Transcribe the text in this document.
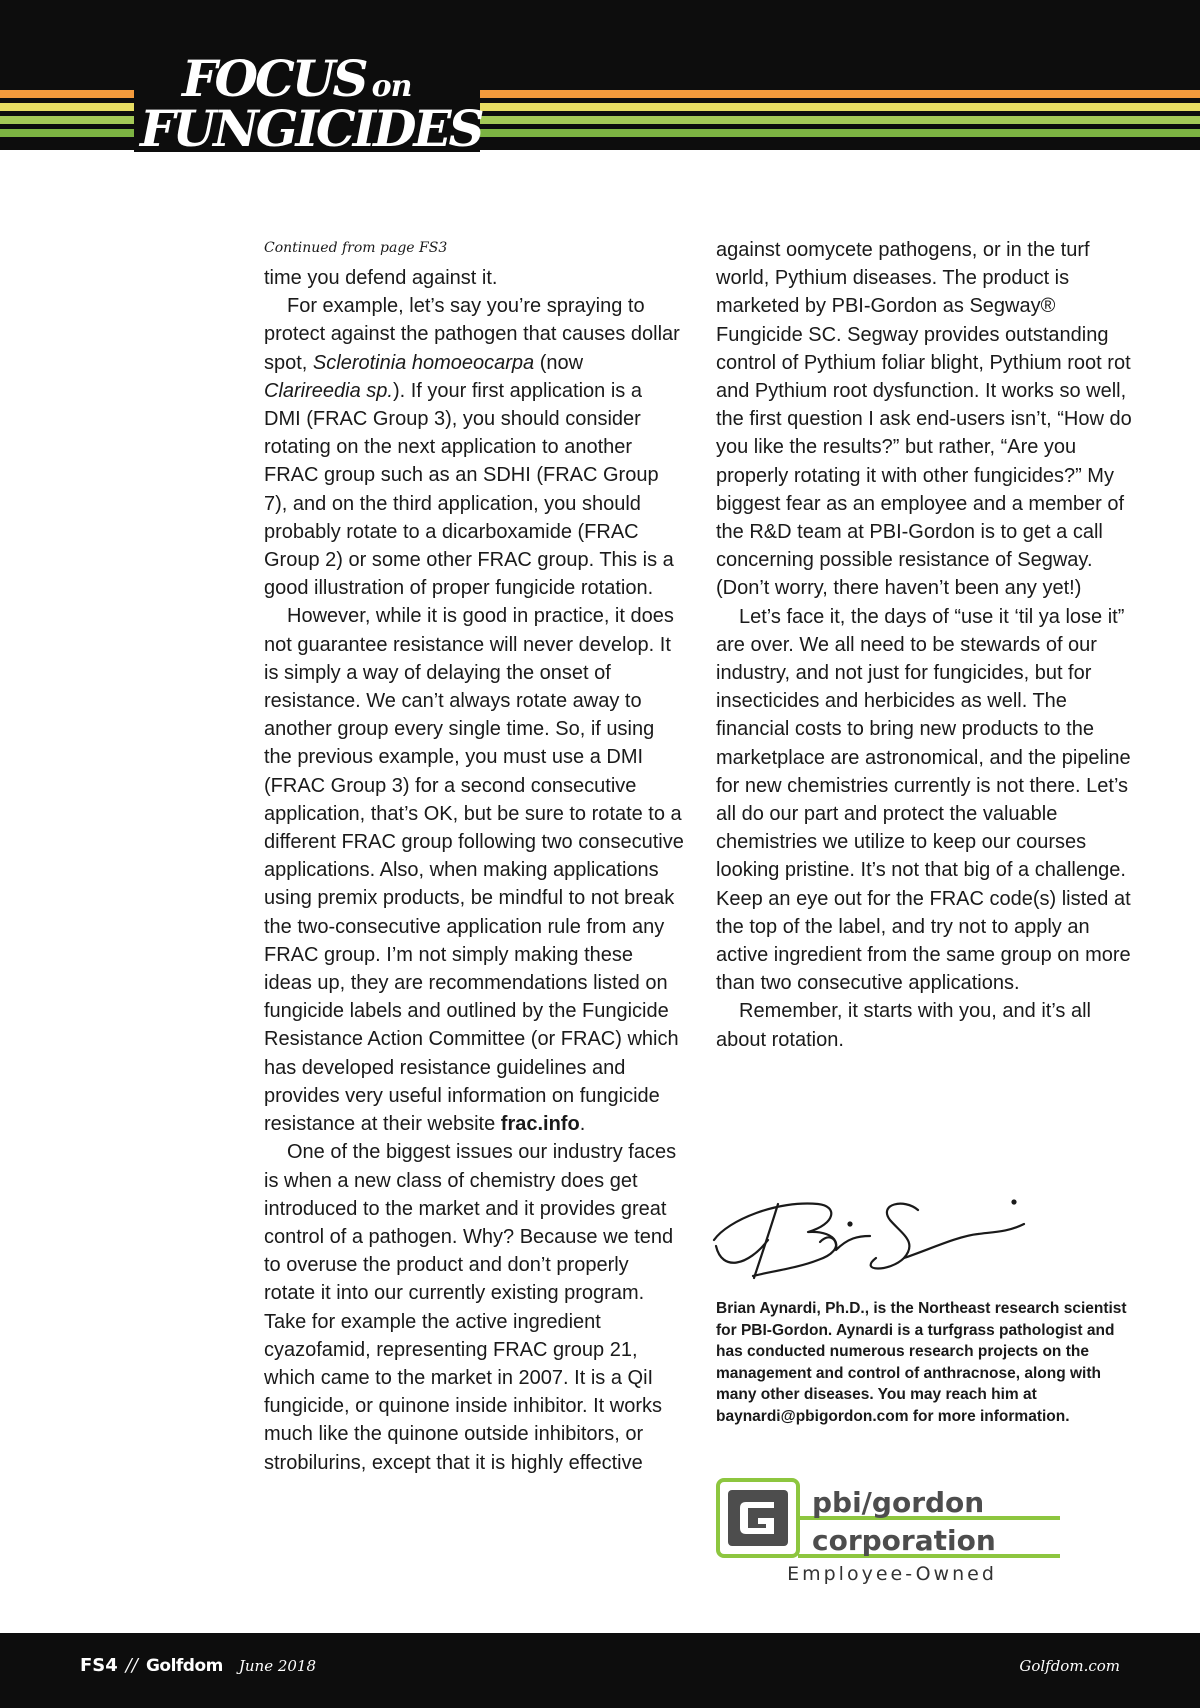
FOCUS on
FUNGICIDES
Continued from page FS3

time you defend against it.

For example, let’s say you’re spraying to protect against the pathogen that causes dollar spot, Sclerotinia homoeocarpa (now Clarireedia sp.). If your first application is a DMI (FRAC Group 3), you should consider rotating on the next application to another FRAC group such as an SDHI (FRAC Group 7), and on the third application, you should probably rotate to a dicarboxamide (FRAC Group 2) or some other FRAC group. This is a good illustration of proper fungicide rotation.

However, while it is good in practice, it does not guarantee resistance will never develop. It is simply a way of delaying the onset of resistance. We can’t always rotate away to another group every single time. So, if using the previous example, you must use a DMI (FRAC Group 3) for a second consecutive application, that’s OK, but be sure to rotate to a different FRAC group following two consecutive applications. Also, when making applications using premix products, be mindful to not break the two-consecutive application rule from any FRAC group. I’m not simply making these ideas up, they are recommendations listed on fungicide labels and outlined by the Fungicide Resistance Action Committee (or FRAC) which has developed resistance guidelines and provides very useful information on fungicide resistance at their website frac.info.

One of the biggest issues our industry faces is when a new class of chemistry does get introduced to the market and it provides great control of a pathogen. Why? Because we tend to overuse the product and don’t properly rotate it into our currently existing program. Take for example the active ingredient cyazofamid, representing FRAC group 21, which came to the market in 2007. It is a QiI fungicide, or quinone inside inhibitor. It works much like the quinone outside inhibitors, or strobilurins, except that it is highly effective

against oomycete pathogens, or in the turf world, Pythium diseases. The product is marketed by PBI-Gordon as Segway® Fungicide SC. Segway provides outstanding control of Pythium foliar blight, Pythium root rot and Pythium root dysfunction. It works so well, the first question I ask end-users isn’t, “How do you like the results?” but rather, “Are you properly rotating it with other fungicides?” My biggest fear as an employee and a member of the R&D team at PBI-Gordon is to get a call concerning possible resistance of Segway. (Don’t worry, there haven’t been any yet!)

Let’s face it, the days of “use it ‘til ya lose it” are over. We all need to be stewards of our industry, and not just for fungicides, but for insecticides and herbicides as well. The financial costs to bring new products to the marketplace are astronomical, and the pipeline for new chemistries currently is not there. Let’s all do our part and protect the valuable chemistries we utilize to keep our courses looking pristine. It’s not that big of a challenge. Keep an eye out for the FRAC code(s) listed at the top of the label, and try not to apply an active ingredient from the same group on more than two consecutive applications.

Remember, it starts with you, and it’s all about rotation.

Brian Aynardi, Ph.D., is the Northeast research scientist for PBI-Gordon. Aynardi is a turfgrass pathologist and has conducted numerous research projects on the management and control of anthracnose, along with many other diseases. You may reach him at baynardi@pbigordon.com for more information.
pbi/gordon
corporation
Employee-Owned
FS4 // Golfdom June 2018	Golfdom.com
